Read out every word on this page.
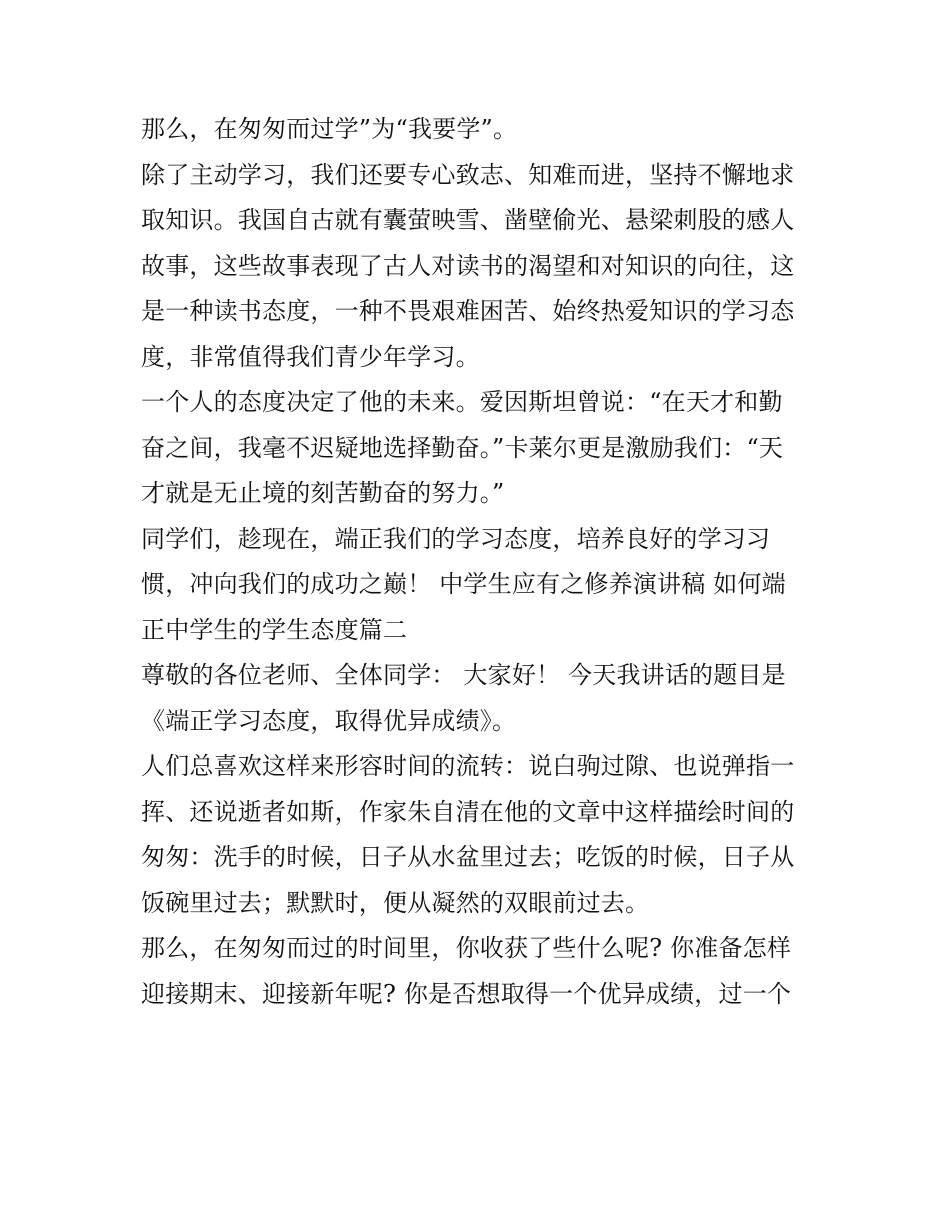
那么，在匆匆而过学”为“我要学”。
除了主动学习，我们还要专心致志、知难而进，坚持不懈地求
取知识。我国自古就有囊萤映雪、凿壁偷光、悬梁刺股的感人
故事，这些故事表现了古人对读书的渴望和对知识的向往，这
是一种读书态度，一种不畏艰难困苦、始终热爱知识的学习态
度，非常值得我们青少年学习。
一个人的态度决定了他的未来。爱因斯坦曾说：“在天才和勤
奋之间，我毫不迟疑地选择勤奋。”卡莱尔更是激励我们：“天
才就是无止境的刻苦勤奋的努力。”
同学们，趁现在，端正我们的学习态度，培养良好的学习习
惯，冲向我们的成功之巅！ 中学生应有之修养演讲稿 如何端
正中学生的学生态度篇二
尊敬的各位老师、全体同学： 大家好！ 今天我讲话的题目是
《端正学习态度，取得优异成绩》。
人们总喜欢这样来形容时间的流转：说白驹过隙、也说弹指一
挥、还说逝者如斯，作家朱自清在他的文章中这样描绘时间的
匆匆：洗手的时候，日子从水盆里过去；吃饭的时候，日子从
饭碗里过去；默默时，便从凝然的双眼前过去。
那么，在匆匆而过的时间里，你收获了些什么呢? 你准备怎样
迎接期末、迎接新年呢? 你是否想取得一个优异成绩，过一个
